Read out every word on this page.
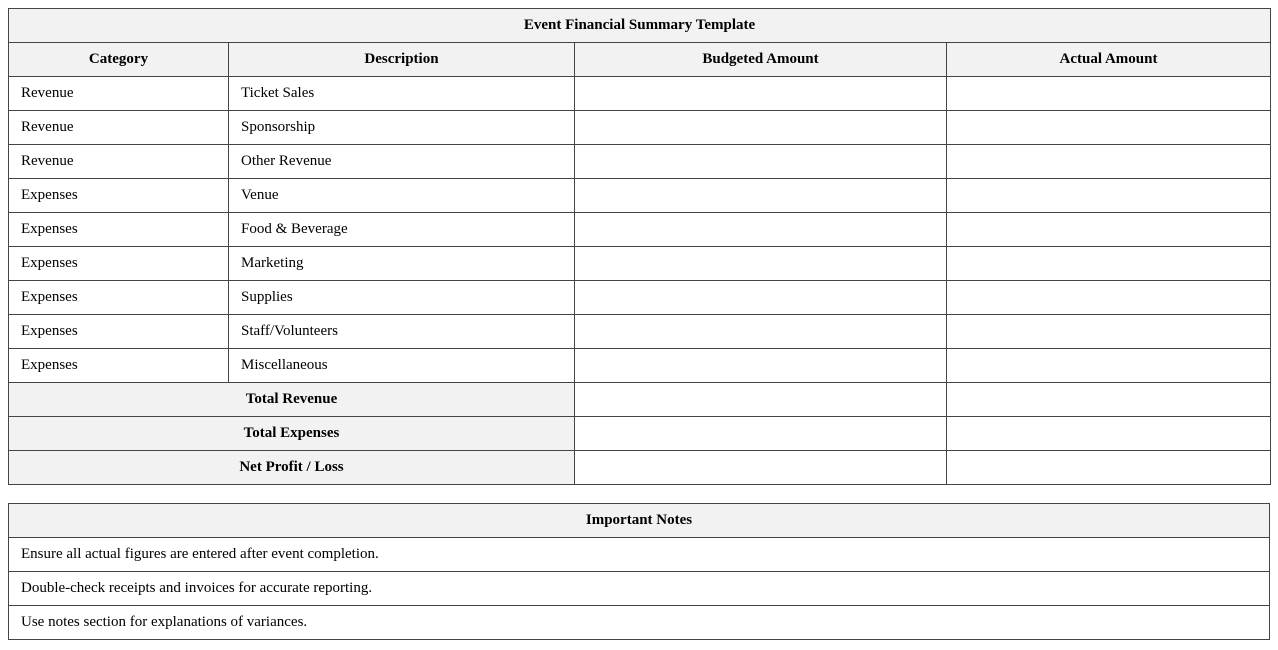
Event Financial Summary Template			
Category	Description	Budgeted Amount	Actual Amount
Revenue	Ticket Sales		
Revenue	Sponsorship		
Revenue	Other Revenue		
Expenses	Venue		
Expenses	Food & Beverage		
Expenses	Marketing		
Expenses	Supplies		
Expenses	Staff/Volunteers		
Expenses	Miscellaneous		
Total Revenue			
Total Expenses			
Net Profit / Loss			
Important Notes
Ensure all actual figures are entered after event completion.
Double-check receipts and invoices for accurate reporting.
Use notes section for explanations of variances.
